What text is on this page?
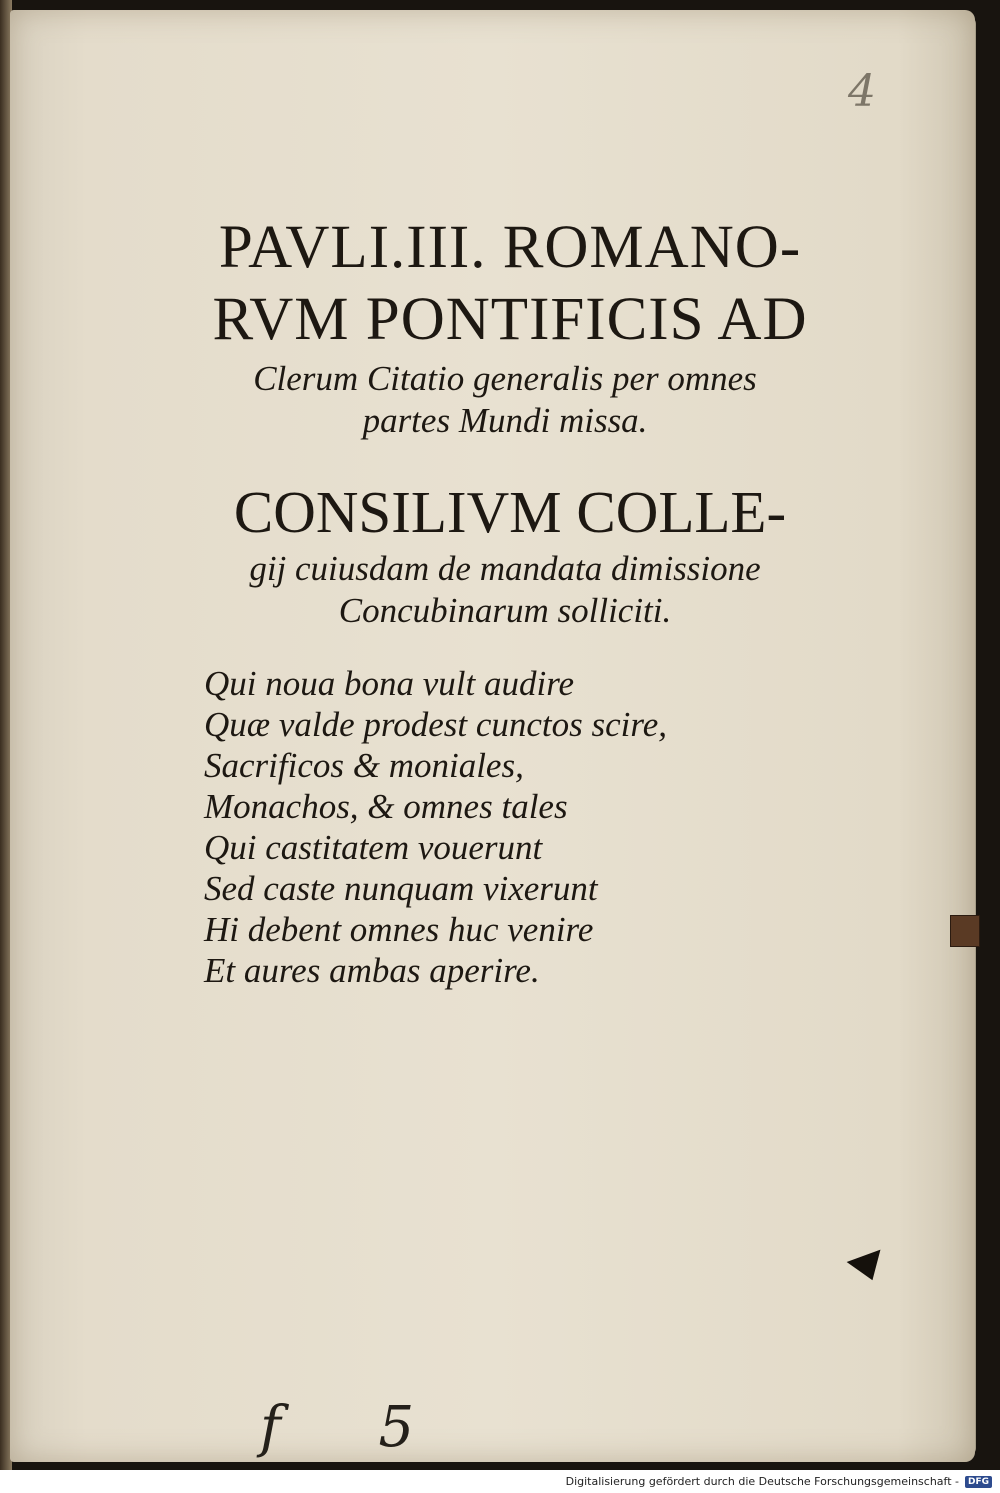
4
PAVLI.III. ROMANO-
RVM PONTIFICIS AD
Clerum Citatio generalis per omnes
partes Mundi missa.
CONSILIVM COLLE-
gij cuiusdam de mandata dimissione
Concubinarum solliciti.
Qui noua bona vult audire
Quæ valde prodest cunctos scire,
Sacrificos & moniales,
Monachos, & omnes tales
Qui castitatem vouerunt
Sed caste nunquam vixerunt
Hi debent omnes huc venire
Et aures ambas aperire.
f 5
Digitalisierung gefördert durch die Deutsche Forschungsgemeinschaft -	DFG
